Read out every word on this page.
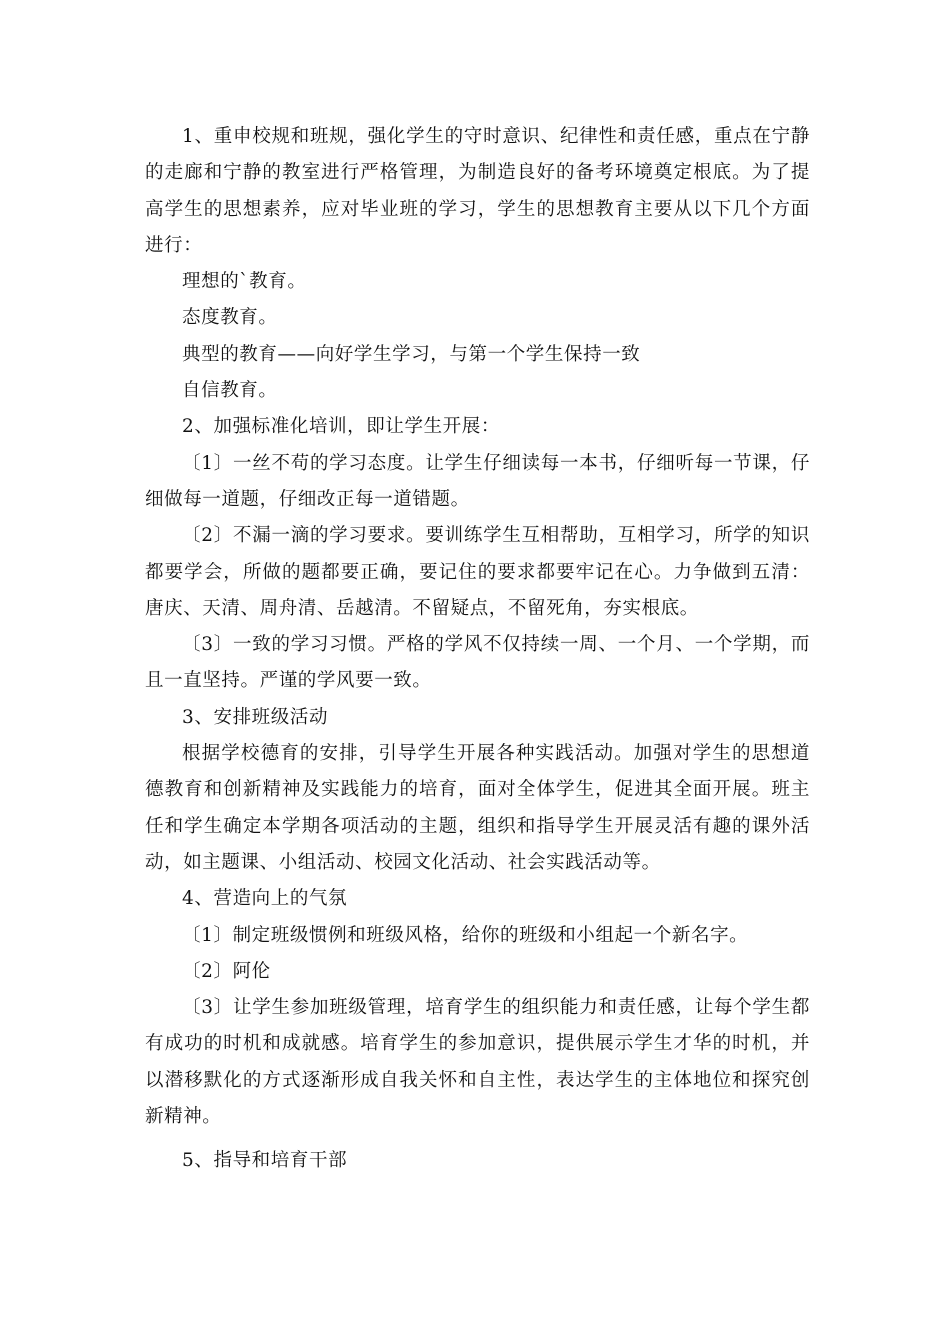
1、重申校规和班规，强化学生的守时意识、纪律性和责任感，重点在宁静的走廊和宁静的教室进行严格管理，为制造良好的备考环境奠定根底。为了提高学生的思想素养，应对毕业班的学习，学生的思想教育主要从以下几个方面进行：

理想的`教育。

态度教育。

典型的教育——向好学生学习，与第一个学生保持一致

自信教育。

2、加强标准化培训，即让学生开展：

〔1〕一丝不苟的学习态度。让学生仔细读每一本书，仔细听每一节课，仔细做每一道题，仔细改正每一道错题。

〔2〕不漏一滴的学习要求。要训练学生互相帮助，互相学习，所学的知识都要学会，所做的题都要正确，要记住的要求都要牢记在心。力争做到五清：唐庆、天清、周舟清、岳越清。不留疑点，不留死角，夯实根底。

〔3〕一致的学习习惯。严格的学风不仅持续一周、一个月、一个学期，而且一直坚持。严谨的学风要一致。

3、安排班级活动

根据学校德育的安排，引导学生开展各种实践活动。加强对学生的思想道德教育和创新精神及实践能力的培育，面对全体学生，促进其全面开展。班主任和学生确定本学期各项活动的主题，组织和指导学生开展灵活有趣的课外活动，如主题课、小组活动、校园文化活动、社会实践活动等。

4、营造向上的气氛

〔1〕制定班级惯例和班级风格，给你的班级和小组起一个新名字。

〔2〕阿伦

〔3〕让学生参加班级管理，培育学生的组织能力和责任感，让每个学生都有成功的时机和成就感。培育学生的参加意识，提供展示学生才华的时机，并以潜移默化的方式逐渐形成自我关怀和自主性，表达学生的主体地位和探究创新精神。

5、指导和培育干部
